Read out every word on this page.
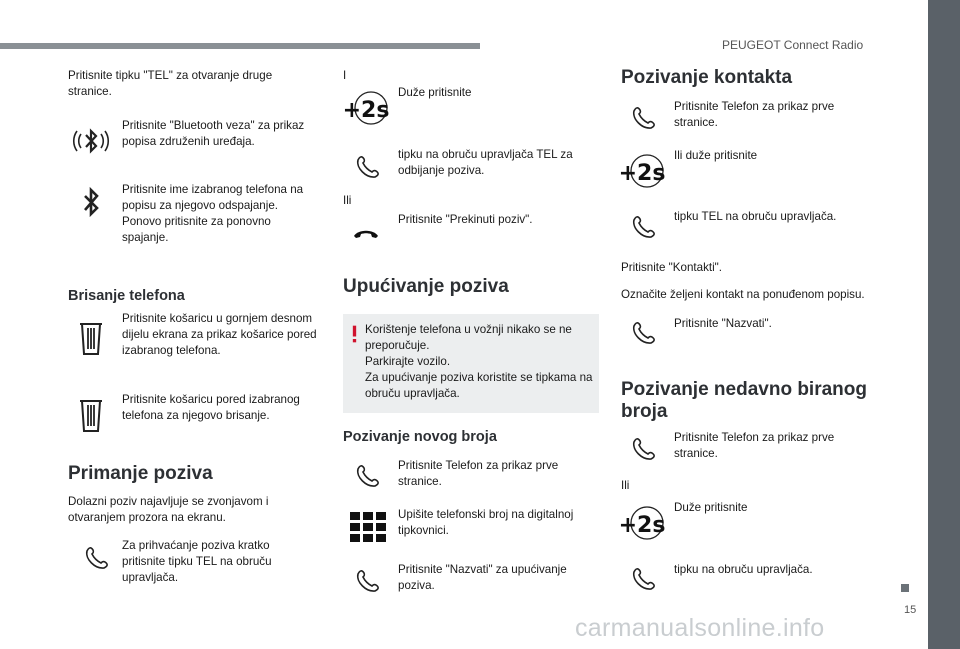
PEUGEOT Connect Radio
15
carmanualsonline.info
Pritisnite tipku "TEL" za otvaranje druge stranice.
Pritisnite "Bluetooth veza" za prikaz popisa združenih uređaja.
Pritisnite ime izabranog telefona na popisu za njegovo odspajanje. Ponovo pritisnite za ponovno spajanje.
Brisanje telefona
Pritisnite košaricu u gornjem desnom dijelu ekrana za prikaz košarice pored izabranog telefona.
Pritisnite košaricu pored izabranog telefona za njegovo brisanje.
Primanje poziva
Dolazni poziv najavljuje se zvonjavom i otvaranjem prozora na ekranu.
Za prihvaćanje poziva kratko pritisnite tipku TEL na obruču upravljača.
I
+2s
Duže pritisnite
tipku na obruču upravljača TEL za odbijanje poziva.
Ili
Pritisnite "Prekinuti poziv".
Upućivanje poziva
Korištenje telefona u vožnji nikako se ne preporučuje.
Parkirajte vozilo.
Za upućivanje poziva koristite se tipkama na obruču upravljača.
Pozivanje novog broja
Pritisnite Telefon za prikaz prve stranice.
Upišite telefonski broj na digitalnoj tipkovnici.
Pritisnite "Nazvati" za upućivanje poziva.
Pozivanje kontakta
Pritisnite Telefon za prikaz prve stranice.
+2s
Ili duže pritisnite
tipku TEL na obruču upravljača.
Pritisnite "Kontakti".
Označite željeni kontakt na ponuđenom popisu.
Pritisnite "Nazvati".
Pozivanje nedavno biranog broja
Pritisnite Telefon za prikaz prve stranice.
Ili
+2s
Duže pritisnite
tipku na obruču upravljača.
